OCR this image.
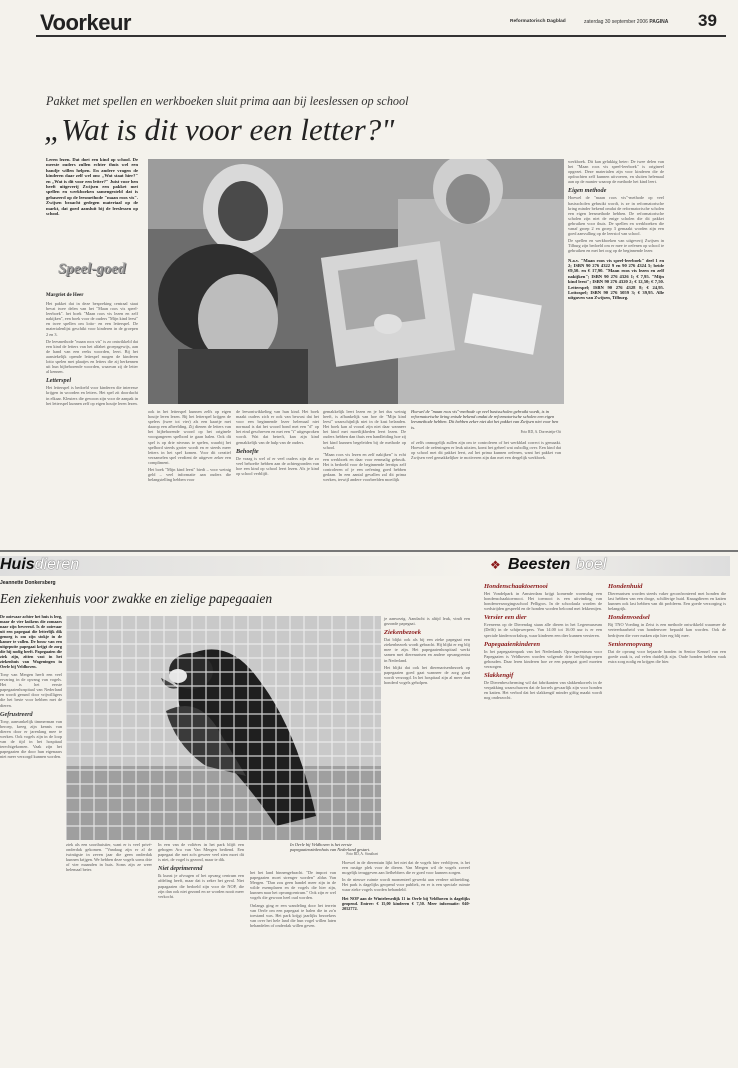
Voorkeur	Reformatorisch Dagblad	zaterdag 30 september 2006 PAGINA 39
Pakket met spellen en werkboeken sluit prima aan bij leeslessen op school
„Wat is dit voor een letter?"

Leren lezen. Dat doet een kind op school. De meeste ouders zullen echter thuis wel een handje willen helpen. En andere vragen de kinderen daar zelf wel om: „Wat staat hier?" en „Wat is dit voor een letter?" Juist voor hen heeft uitgeverij Zwijsen een pakket met spellen en werkboeken samengesteld dat is gebaseerd op de leesmethode "maan roos vis". Zwijsen braacht gedegen materiaal op de markt, dat goed aansluit bij de leeslessen op school.

Speel-goed
Margriet de Heer

Het pakket dat in deze bespreking centraal staat bevat twee delen van het "Maan roos vis speel-leerboek". het boek "Maan roos vis lezen en zelf nakijken", een boek voor de ouders "Mijn kind leest" en twee spellen om lotto- en een letterspel. De materialenlijst geschikt voor kinderen in de groepen 2 en 3.

De leesmethode "maan roos vis" is zo ontwikkeld dat een kind de letters van het alfabet groepsgewijs, aan de hand van een reeks woorden, leert. Bij het aanstekelijk opende lettespel mogen de kinderen lotto spelen met plaatjes en letters die zij herkennen uit hun bijbehorende woorden, waarvan zij de letter al kennen.

Letterspel

Het letterspel is bedoeld voor kinderen die interesse krijgen in woorden en letters. Het spel zit doordacht in elkaar. Kleuters die gewoon zijn voor de aanpak in het letterspel kunnen zelf op eigen houtje leren lezen.

ook in het letterspel kunnen zelfs op eigen houtje leren lezen. Bij het letterspel krijgen de spelers (twee tot vier) als een kaartje met daarop een afbeelding. Zij dienen de letters van het bijbehorende woord op het originele voorgangeren spelbord te gaan halen. Ook dit spel is op drie niveaus te spelen, waarbij het spelbord steeds groter wordt en er steeds meer letters in het spel komen. Voor dit creatief verzamelen spel verdient de uitgever zeker een compliment.

Het boek "Mijn kind leest" biedt – voor weinig geld – veel informatie aan ouders die belangstelling hebben voor

de leesontwikkeling van hun kind. Het boek maakt ouders zich er ook van bewust dat het voor een beginnende lezer helemaal niet normaal is dat het woord bond met een "d" op het eind geschreven en met een "t" uitgesproken wordt. Wat dat betreft, kan zijn kind gemakkelijk van de hulp van de ouders.

Behoefte

De vraag is wel of er veel ouders zijn die zo veel behoefte hebben aan de achtergronden van hoe een kind op school leert lezen. Als je kind op school verblijft.

gemakkelijk leert lezen en je het dus weinig heeft, is afhankelijk van hoe de "Mijn kind leest" waarschijnlijk niet in de kast belanden. Het boek kan al vooral zijn niet daar wanneer het kind met moeilijkheden leert lezen. De ouders hebben dan thuis een handleiding hoe zij het kind kunnen begeleiden bij de methode op school.

"Maan roos vis lezen en zelf nakijken" is echt een werkboek en daar voor eenmalig gebruik. Het is bedoeld voor de beginnende leertips zelf controleren of je een oefening goed hebben gedaan. In een aantal gevallen zal dit prima werken, terwijl andere voorbeelden moeilijk

Hoewel de "maan roos vis"-methode op veel basisscholen gebruikt wordt, is in reformatorische kring enisde bekend omdat de reformatorische scholen een eigen leesmethode hebben. Dit hebben zeker niet dat het pakket van Zwijsen niet voor hen is.
Foto RD, A. Dorresteijn-Ott

of zelfs onmogelijk zullen zijn om te controleren of het werkblad correct is gemaakt. Hoewel de oefeningen er leuk uitzien, komt het geheel wat oubollig over. Een kind dat op school met dit pakket leert, zal het prima kunnen oefenen, want het pakket van Zwijsen veel gemakkelijker te motiveren zijn dan met een dergelijk werkboek.

werkboek. Dit kan gelukkig beter: De twee delen van het "Maan roos vis speel-leerboek" is origineel opgezet. Deze materialen zijn voor kinderen die de opdrachten zelf kunnen uitvoeren, en sluiten helemaal aan op de manier waarop de methode het kind leert.

Eigen methode

Hoewel de "maan roos vis"-methode op veel basisscholen gebruikt wordt, is ze in reformatorische kring minder bekend omdat de reformatorische scholen een eigen leesmethode hebben. De reformatorische scholen zijn niet de enige scholen die dit pakket gebruiken voor thuis. De spellen en werkboeken die vanaf groep 2 en groep 3 gemaakt worden zijn een goed aanvulling op de leerstof van school.

De spellen en werkboeken van uitgeverij Zwijsen in Tilburg zijn bedoeld om er mee te oefenen op school te gebruiken en met het oog op de beginnende lezer.

N.a.v. "Maan roos vis speel-leerboek" deel 1 en 2; ISBN 90 276 4322 9 en 90 276 4324 5; beide €9,50. en € 17,90. "Maan roos vis lezen en zelf nakijken"; ISBN 90 276 4326 1; € 7,95. "Mijn kind leest"; ISBN 90 276 4320 2; € 12,50; € 7,50. Letterspel; ISBN 90 276 4328 8; € 24,95. Lottospel; ISBN 90 276 5059 3; € 39,95. Alle uitgaven van Zwijsen, Tilburg.

Huisdieren
Jeannette Donkersberg
Een ziekenhuis voor zwakke en zielige papegaaien

De ooievaar achter het huis is leeg, maar de vier kuikens die zomaars naar zijn bevreesd. Is de ooievaar uit een papegaai die letterlijk dik genoeg is om zijn stokje in de kamer te vallen. De bouw van een uitgeputte papegaai krijgt de zorg die hij nodig heeft. Papegaaien die ziek zijn, zitten vast in het ziekenhuis van Wageningen in Oerle bij Veldhoven.

Tony van Mergen heeft een veel ervaring in de opvang van vogels. Het is het eerste papegaaienhospitaal van Nederland en wordt gerund door vrijwilligers die het beste voor hebben met de dieren.

Gefrustreerd

Tony, aanvankelijk timmerman van beroep, kreeg zijn kennis van dieren door er jarenlang mee te werken. Ook vogels zijn in de loop van de tijd in het hospitaal terechtgekomen. Vaak zijn het papegaaien die door hun eigenaars niet meer verzorgd kunnen worden.

In Oerle bij Veldhoven is het eerste papegaaienziekenhuis van Nederland gestart.
Foto RD, A. Stouthart

ziek als een soorthuistier, want er is veel privé-onderdak gekomen. "Vandaag zijn er al de twintigste in zeven jaar die geen onderdak kunnen krijgen. We hebben deze vogels soms drie of vier maanden in huis. Soms zijn ze weer helemaal beter.

In een van de volières in het park blijft een gebogen Ara van Van Mergen bediend. Een papegaai die met zo'n geweer veel zien moet dit is niet, de vogel is gezond, maar te dik.

Niet deprimerend

Ik kunst je afvragen of het opvang centrum een afdeling heeft, maar dat is zeker het geval. Niet papagaaien die bedoeld zijn voor de NOP, die zijn dan ook niet gezond en ze worden nooit meer verkocht.

het het land binnengebracht. "De import van papegaaien moet strenger worden" aldus Van Mergen. "Dan zou geen handel meer zijn in de wilde exemplaren en de vogels die hier zijn, kunnen naar het opvangcentrum." Ook zijn er wel vogels die gewoon heel oud worden.

Onlangs ging er een wandeling door het terrein van Oerle om een papegaai te halen die in zo'n toestand was. Het park krijgt jaarlijks bezoekers van over het hele land die hun vogel willen laten behandelen of onderdak willen geven.

je aanwezig. Aandacht is altijd leuk, vindt een gezonde papegaai.

Ziekenbezoek

Dat blijkt ook als bij een zieke papegaai een ziekenbezoek wordt gebracht. Hij blijkt er erg blij mee te zijn. Het papegaaienhospitaal werkt samen met dierenartsen en andere opvangcentra in Nederland.

Het blijkt dat ook het dierenartsenbezoek op papegaaien goed gaat wanneer de zorg goed wordt verzorgd. In het hospitaal zijn al meer dan honderd vogels geholpen.

Hoewel in de dierentuin lijkt het niet dat de vogels hier verblijven, is het een rustige plek voor de dieren. Van Mergen wil de vogels zoveel mogelijk teruggeven aan liefhebbers die er goed voor kunnen zorgen.

In de nieuwe ruimte wordt momenteel gewerkt aan verdere uitbreiding. Het park is dagelijks geopend voor publiek, en er is een speciale ruimte waar zieke vogels worden behandeld.

Het NOP aan de Wintelresedijk 11 in Oerle bij Veldhoven is dagelijks geopend. Entree: € 15,00 kinderen € 7,50. Meer informatie: 040-2052772.

❖ Beesten boel
Hondenschaaktoernooi

Het Vondelpark in Amsterdam krijgt komende woensdag een hondenschaaktoernooi. Het toernooi is een uitvinding van hondenverzorgingsschool Pelligros. In de schoolaula worden de wedstrijden gespeeld en de honden worden beloond met lekkernijen.

Versier een dier

Eveneens op de Dierendag staan alle dieren in het Legermuseum (Delft) in de schijnwerpers. Van 14.00 tot 16.00 uur is er een speciale kinderworkshop, waar kinderen een dier kunnen versieren.

Papegaaienkinderen

In het papegaaienpark van het Nederlands Opvangcentrum voor Papegaaien is Veldhoven worden volgende drie leeftijdsgroepen gehouden. Daar leren kinderen hoe ze een papegaai goed moeten verzorgen.

Slakkengif

De Dierenbescherming wil dat fabrikanten van slakkenkorrels in de verpakking waarschuwen dat de korrels gevaarlijk zijn voor honden en katten. Het verbod dat het slakkengif minder giftig maakt wordt nog onderzocht.

Hondenhuid

Dierenartsen worden steeds vaker geconfronteerd met honden die last hebben van een droge, schilferige huid. Knaagdieren en katten kunnen ook last hebben van dit probleem. Een goede verzorging is belangrijk.

Hondenvoedsel

Bij TNO Voeding in Zeist is een methode ontwikkeld waarmee de verteerbaarheid van hondenvoer bepaald kan worden. Ook de bedrijven die voer maken zijn hier erg blij mee.

Seniorenopvang

Dat de opvang voor bejaarde honden in Senior Kennel van een goede zaak is, zal velen duidelijk zijn. Oude honden hebben vaak extra zorg nodig en krijgen die hier.
